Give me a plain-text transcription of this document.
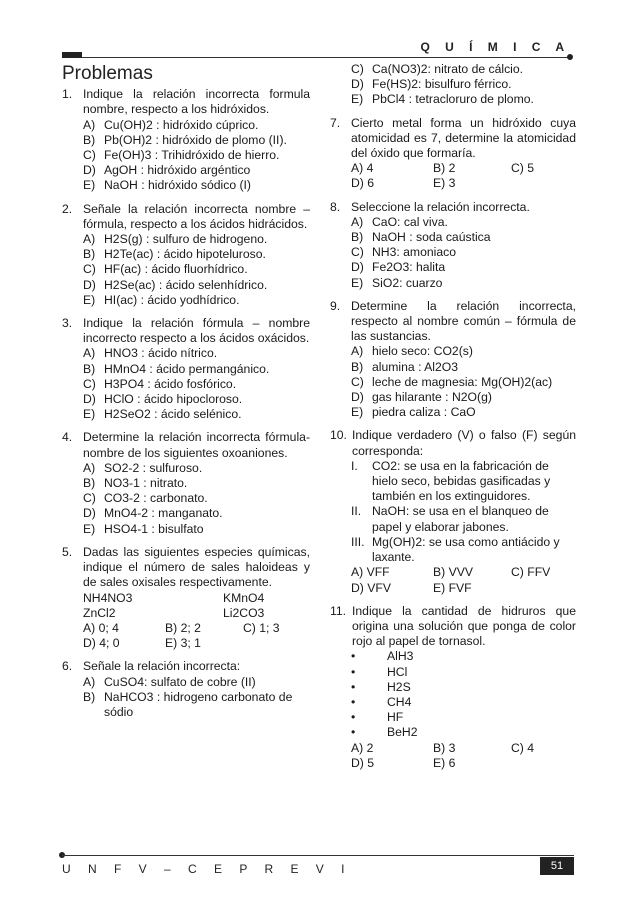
Q U Í M I C A
Problemas
1. Indique la relación incorrecta formula nombre, respecto a los hidróxidos.
A) Cu(OH)2 : hidróxido cúprico.
B) Pb(OH)2 : hidróxido de plomo (II).
C) Fe(OH)3 : Trihidróxido de hierro.
D) AgOH : hidróxido argéntico
E) NaOH : hidróxido sódico (I)
2. Señale la relación incorrecta nombre – fórmula, respecto a los ácidos hidrácidos.
A) H2S(g) : sulfuro de hidrogeno.
B) H2Te(ac) : ácido hipoteluroso.
C) HF(ac) : ácido fluorhídrico.
D) H2Se(ac) : ácido selenhídrico.
E) HI(ac) : ácido yodhídrico.
3. Indique la relación fórmula – nombre incorrecto respecto a los ácidos oxácidos.
A) HNO3 : ácido nítrico.
B) HMnO4 : ácido permangánico.
C) H3PO4 : ácido fosfórico.
D) HClO : ácido hipocloroso.
E) H2SeO2 : ácido selénico.
4. Determine la relación incorrecta fórmula-nombre de los siguientes oxoaniones.
A) SO2-2 : sulfuroso.
B) NO3-1 : nitrato.
C) CO3-2 : carbonato.
D) MnO4-2 : manganato.
E) HSO4-1 : bisulfato
5. Dadas las siguientes especies químicas, indique el número de sales haloideas y de sales oxisales respectivamente.
NH4NO3	KMnO4
ZnCl2	Li2CO3
A) 0; 4	B) 2; 2	C) 1; 3
D) 4; 0	E) 3; 1
6. Señale la relación incorrecta:
A) CuSO4: sulfato de cobre (II)
B) NaHCO3 : hidrogeno carbonato de sódio
C) Ca(NO3)2: nitrato de cálcio.
D) Fe(HS)2: bisulfuro férrico.
E) PbCl4 : tetracloruro de plomo.
7. Cierto metal forma un hidróxido cuya atomicidad es 7, determine la atomicidad del óxido que formaría.
A) 4	B) 2	C) 5
D) 6	E) 3
8. Seleccione la relación incorrecta.
A) CaO: cal viva.
B) NaOH : soda caústica
C) NH3: amoniaco
D) Fe2O3: halita
E) SiO2: cuarzo
9. Determine la relación incorrecta, respecto al nombre común – fórmula de las sustancias.
A) hielo seco: CO2(s)
B) alumina : Al2O3
C) leche de magnesia: Mg(OH)2(ac)
D) gas hilarante : N2O(g)
E) piedra caliza : CaO
10. Indique verdadero (V) o falso (F) según corresponda:
I.	CO2: se usa en la fabricación de hielo seco, bebidas gasificadas y también en los extinguidores.
II. NaOH: se usa en el blanqueo de papel y elaborar jabones.
III. Mg(OH)2: se usa como antiácido y laxante.
A) VFF	B) VVV	C) FFV
D) VFV	E) FVF
11. Indique la cantidad de hidruros que origina una solución que ponga de color rojo al papel de tornasol.
•	AlH3
•	HCl
•	H2S
•	CH4
•	HF
•	BeH2
A) 2	B) 3	C) 4
D) 5	E) 6
U N F V – C E P R E V I	51
